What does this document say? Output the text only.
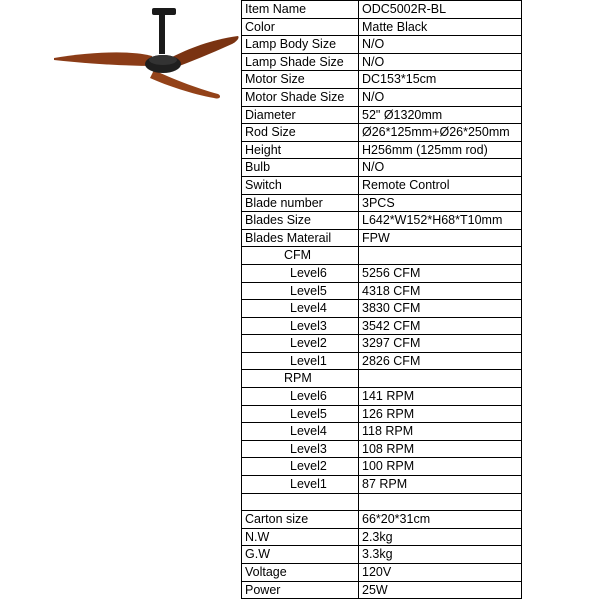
Item Name	ODC5002R-BL
Color	Matte Black
Lamp Body Size	N/O
Lamp Shade Size	N/O
Motor Size	DC153*15cm
Motor Shade Size	N/O
Diameter	52" Ø1320mm
Rod Size	Ø26*125mm+Ø26*250mm
Height	H256mm (125mm rod)
Bulb	N/O
Switch	Remote Control
Blade number	3PCS
Blades Size	L642*W152*H68*T10mm
Blades Materail	FPW
CFM	
Level6	5256 CFM
Level5	4318 CFM
Level4	3830 CFM
Level3	3542 CFM
Level2	3297 CFM
Level1	2826 CFM
RPM	
Level6	141 RPM
Level5	126 RPM
Level4	118 RPM
Level3	108 RPM
Level2	100 RPM
Level1	87 RPM

Carton size	66*20*31cm
N.W	2.3kg
G.W	3.3kg
Voltage	120V
Power	25W
